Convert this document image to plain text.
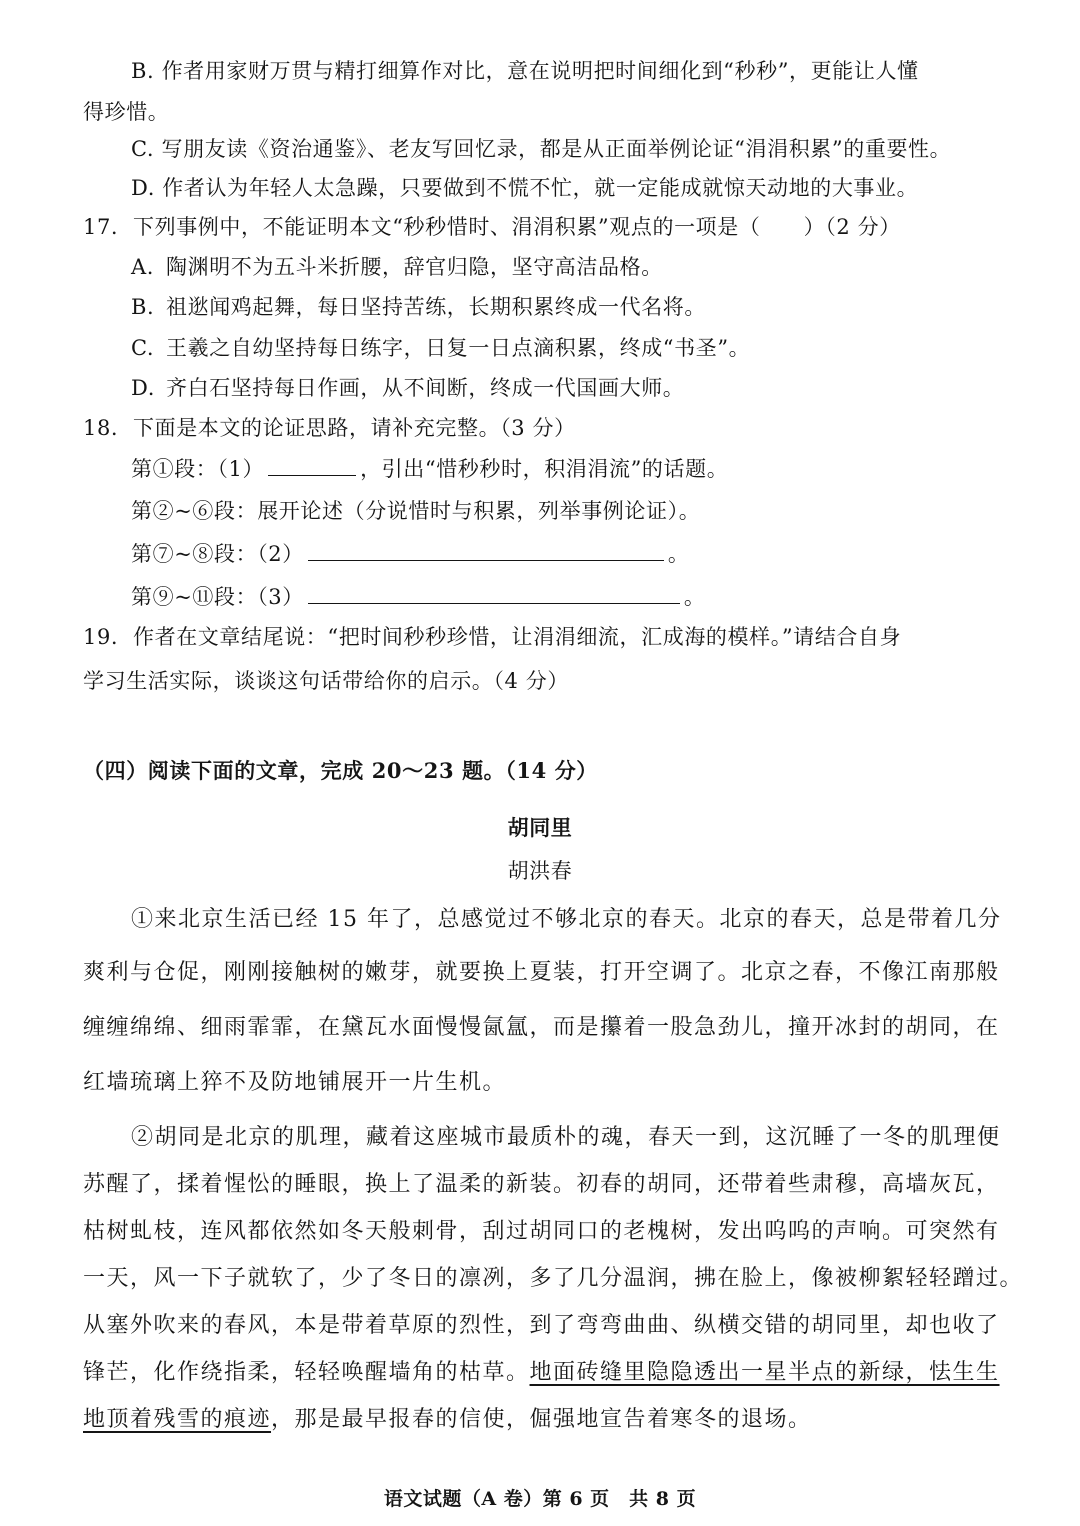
B. 作者用家财万贯与精打细算作对比，意在说明把时间细化到“秒秒”，更能让人懂
得珍惜。
C. 写朋友读《资治通鉴》、老友写回忆录，都是从正面举例论证“涓涓积累”的重要性。
D. 作者认为年轻人太急躁，只要做到不慌不忙，就一定能成就惊天动地的大事业。
17. 下列事例中，不能证明本文“秒秒惜时、涓涓积累”观点的一项是（　　）（2 分）
A. 陶渊明不为五斗米折腰，辞官归隐，坚守高洁品格。
B. 祖逖闻鸡起舞，每日坚持苦练，长期积累终成一代名将。
C. 王羲之自幼坚持每日练字，日复一日点滴积累，终成“书圣”。
D. 齐白石坚持每日作画，从不间断，终成一代国画大师。
18. 下面是本文的论证思路，请补充完整。（3 分）
第①段：（1）	，引出“惜秒秒时，积涓涓流”的话题。
第②~⑥段：展开论述（分说惜时与积累，列举事例论证）。
第⑦~⑧段：（2）	。
第⑨~⑪段：（3）	。
19. 作者在文章结尾说：“把时间秒秒珍惜，让涓涓细流，汇成海的模样。”请结合自身
学习生活实际，谈谈这句话带给你的启示。（4 分）
（四）阅读下面的文章，完成 20～23 题。（14 分）
胡同里
胡洪春
①来北京生活已经 15 年了，总感觉过不够北京的春天。北京的春天，总是带着几分
爽利与仓促，刚刚接触树的嫩芽，就要换上夏装，打开空调了。北京之春，不像江南那般
缠缠绵绵、细雨霏霏，在黛瓦水面慢慢氤氲，而是攥着一股急劲儿，撞开冰封的胡同，在
红墙琉璃上猝不及防地铺展开一片生机。
②胡同是北京的肌理，藏着这座城市最质朴的魂，春天一到，这沉睡了一冬的肌理便
苏醒了，揉着惺忪的睡眼，换上了温柔的新装。初春的胡同，还带着些肃穆，高墙灰瓦，
枯树虬枝，连风都依然如冬天般刺骨，刮过胡同口的老槐树，发出呜呜的声响。可突然有
一天，风一下子就软了，少了冬日的凛冽，多了几分温润，拂在脸上，像被柳絮轻轻蹭过。
从塞外吹来的春风，本是带着草原的烈性，到了弯弯曲曲、纵横交错的胡同里，却也收了
锋芒，化作绕指柔，轻轻唤醒墙角的枯草。地面砖缝里隐隐透出一星半点的新绿，怯生生
地顶着残雪的痕迹，那是最早报春的信使，倔强地宣告着寒冬的退场。
语文试题（A 卷）第 6 页　共 8 页
